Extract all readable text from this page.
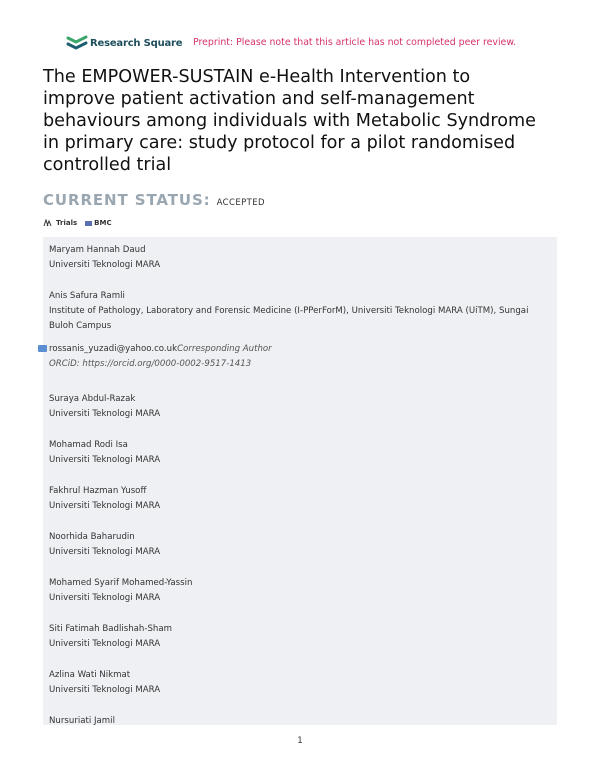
Research Square Preprint: Please note that this article has not completed peer review.
The EMPOWER-SUSTAIN e-Health Intervention to improve patient activation and self-management behaviours among individuals with Metabolic Syndrome in primary care: study protocol for a pilot randomised controlled trial
CURRENT STATUS: ACCEPTED
Trials BMC
Maryam Hannah Daud
Universiti Teknologi MARA
Anis Safura Ramli
Institute of Pathology, Laboratory and Forensic Medicine (I-PPerForM), Universiti Teknologi MARA (UiTM), Sungai Buloh Campus
rossanis_yuzadi@yahoo.co.ukCorresponding Author
ORCiD: https://orcid.org/0000-0002-9517-1413
Suraya Abdul-Razak
Universiti Teknologi MARA
Mohamad Rodi Isa
Universiti Teknologi MARA
Fakhrul Hazman Yusoff
Universiti Teknologi MARA
Noorhida Baharudin
Universiti Teknologi MARA
Mohamed Syarif Mohamed-Yassin
Universiti Teknologi MARA
Siti Fatimah Badlishah-Sham
Universiti Teknologi MARA
Azlina Wati Nikmat
Universiti Teknologi MARA
Nursuriati Jamil
1
